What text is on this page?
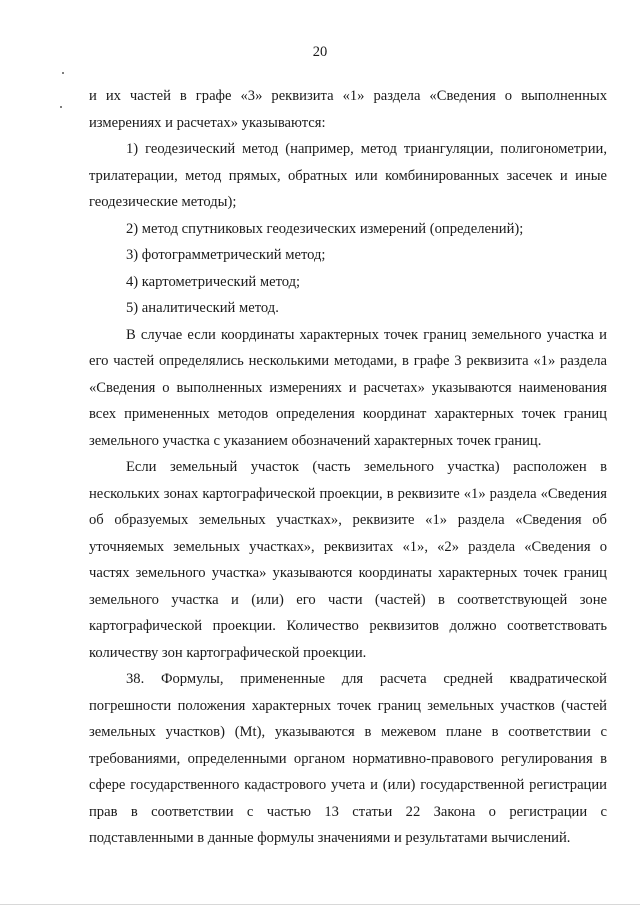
20

и их частей в графе «3» реквизита «1» раздела «Сведения о выполненных измерениях и расчетах» указываются:

1) геодезический метод (например, метод триангуляции, полигонометрии, трилатерации, метод прямых, обратных или комбинированных засечек и иные геодезические методы);

2) метод спутниковых геодезических измерений (определений);

3) фотограмметрический метод;

4) картометрический метод;

5) аналитический метод.

В случае если координаты характерных точек границ земельного участка и его частей определялись несколькими методами, в графе 3 реквизита «1» раздела «Сведения о выполненных измерениях и расчетах» указываются наименования всех примененных методов определения координат характерных точек границ земельного участка с указанием обозначений характерных точек границ.

Если земельный участок (часть земельного участка) расположен в нескольких зонах картографической проекции, в реквизите «1» раздела «Сведения об образуемых земельных участках», реквизите «1» раздела «Сведения об уточняемых земельных участках», реквизитах «1», «2» раздела «Сведения о частях земельного участка» указываются координаты характерных точек границ земельного участка и (или) его части (частей) в соответствующей зоне картографической проекции. Количество реквизитов должно соответствовать количеству зон картографической проекции.

38. Формулы, примененные для расчета средней квадратической погрешности положения характерных точек границ земельных участков (частей земельных участков) (Mt), указываются в межевом плане в соответствии с требованиями, определенными органом нормативно-правового регулирования в сфере государственного кадастрового учета и (или) государственной регистрации прав в соответствии с частью 13 статьи 22 Закона о регистрации с подставленными в данные формулы значениями и результатами вычислений.
